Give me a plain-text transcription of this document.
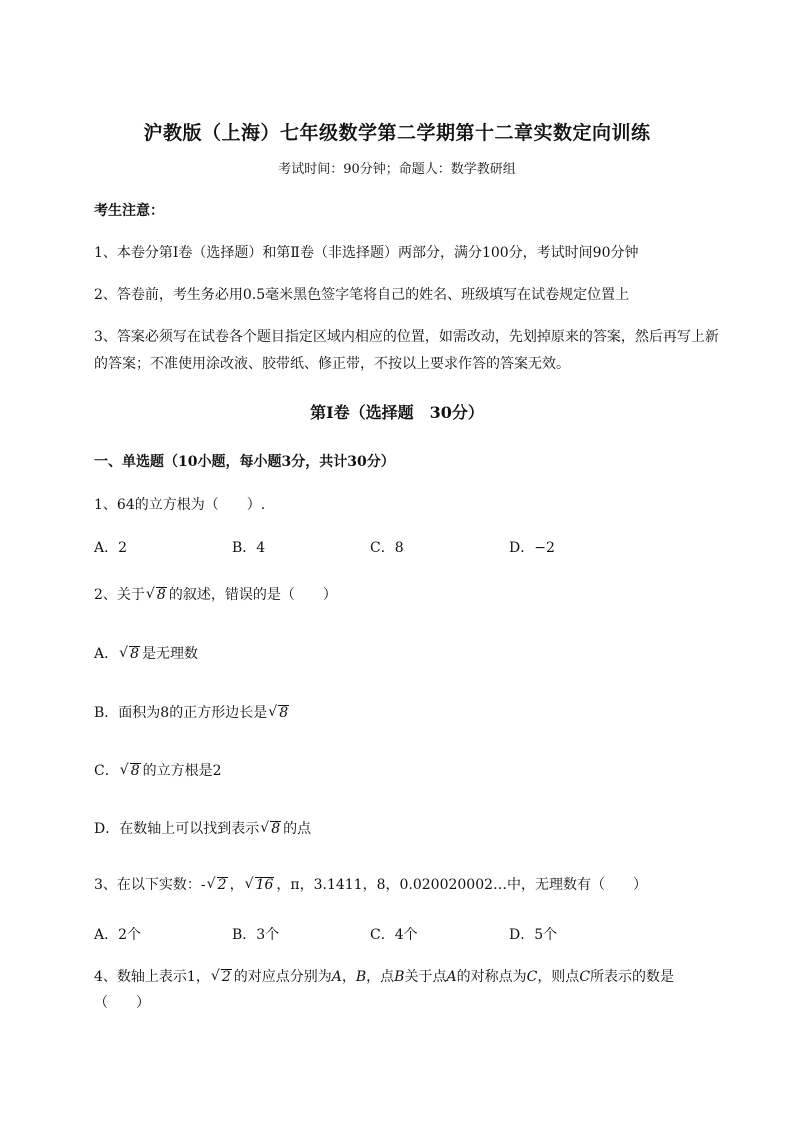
沪教版（上海）七年级数学第二学期第十二章实数定向训练
考试时间：90分钟；命题人：数学教研组
考生注意：
1、本卷分第I卷（选择题）和第Ⅱ卷（非选择题）两部分，满分100分，考试时间90分钟
2、答卷前，考生务必用0.5毫米黑色签字笔将自己的姓名、班级填写在试卷规定位置上
3、答案必须写在试卷各个题目指定区域内相应的位置，如需改动，先划掉原来的答案，然后再写上新
的答案；不准使用涂改液、胶带纸、修正带，不按以上要求作答的答案无效。
第I卷（选择题　30分）
一、单选题（10小题，每小题3分，共计30分）
1、64的立方根为（　　）.
A．2	B．4	C．8	D．−2
2、关于 √ 8 的叙述，错误的是（　　）
A． √ 8 是无理数
B．面积为8的正方形边长是 √ 8
C． √ 8 的立方根是2
D．在数轴上可以找到表示 √ 8 的点
3、在以下实数：- √ 2 ， √ 16 ，π，3.1411，8，0.020020002…中，无理数有（　　）
A．2个	B．3个	C．4个	D．5个
4、数轴上表示1， √ 2 的对应点分别为A，B，点B关于点A的对称点为C，则点C所表示的数是
（　　）
